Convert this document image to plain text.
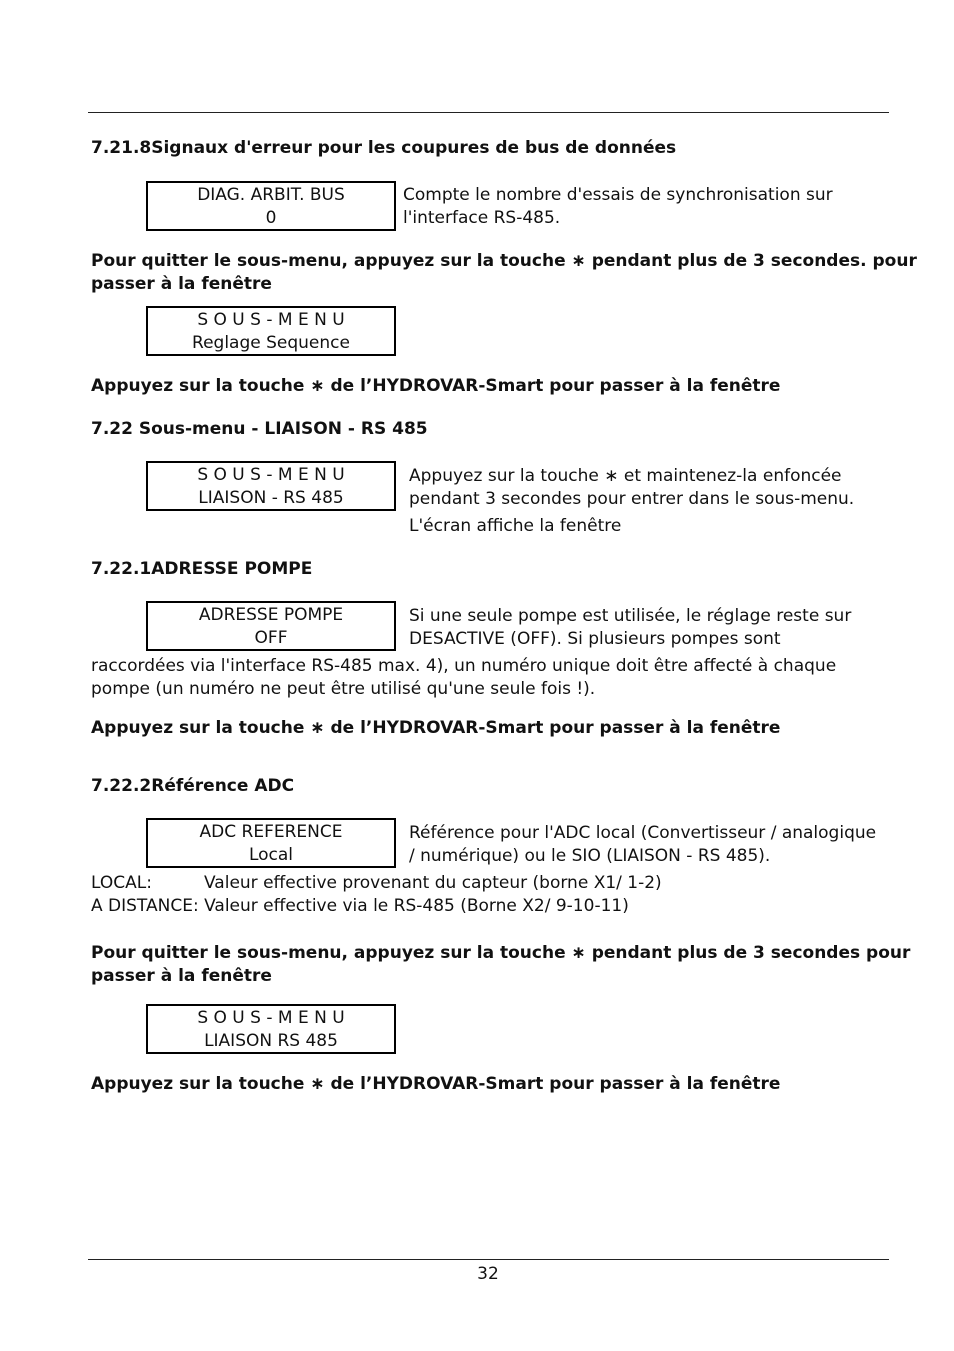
7.21.8Signaux d'erreur pour les coupures de bus de données
DIAG. ARBIT. BUS
0
Compte le nombre d'essais de synchronisation sur
l'interface RS-485.
Pour quitter le sous-menu, appuyez sur la touche ∗ pendant plus de 3 secondes. pour
passer à la fenêtre
S O U S - M E N U
Reglage Sequence
Appuyez sur la touche ∗ de l’HYDROVAR-Smart pour passer à la fenêtre
7.22 Sous-menu - LIAISON - RS 485
S O U S - M E N U
LIAISON - RS 485
Appuyez sur la touche ∗ et maintenez-la enfoncée
pendant 3 secondes pour entrer dans le sous-menu.
L'écran affiche la fenêtre
7.22.1ADRESSE POMPE
ADRESSE POMPE
OFF
Si une seule pompe est utilisée, le réglage reste sur
DESACTIVE (OFF). Si plusieurs pompes sont
raccordées via l'interface RS-485 max. 4), un numéro unique doit être affecté à chaque
pompe (un numéro ne peut être utilisé qu'une seule fois !).
Appuyez sur la touche ∗ de l’HYDROVAR-Smart pour passer à la fenêtre
7.22.2Référence ADC
ADC REFERENCE
Local
Référence pour l'ADC local (Convertisseur / analogique
/ numérique) ou le SIO (LIAISON - RS 485).
LOCAL:	Valeur effective provenant du capteur (borne X1/ 1-2)
A DISTANCE: Valeur effective via le RS-485 (Borne X2/ 9-10-11)
Pour quitter le sous-menu, appuyez sur la touche ∗ pendant plus de 3 secondes pour
passer à la fenêtre
S O U S - M E N U
LIAISON RS 485
Appuyez sur la touche ∗ de l’HYDROVAR-Smart pour passer à la fenêtre
32
